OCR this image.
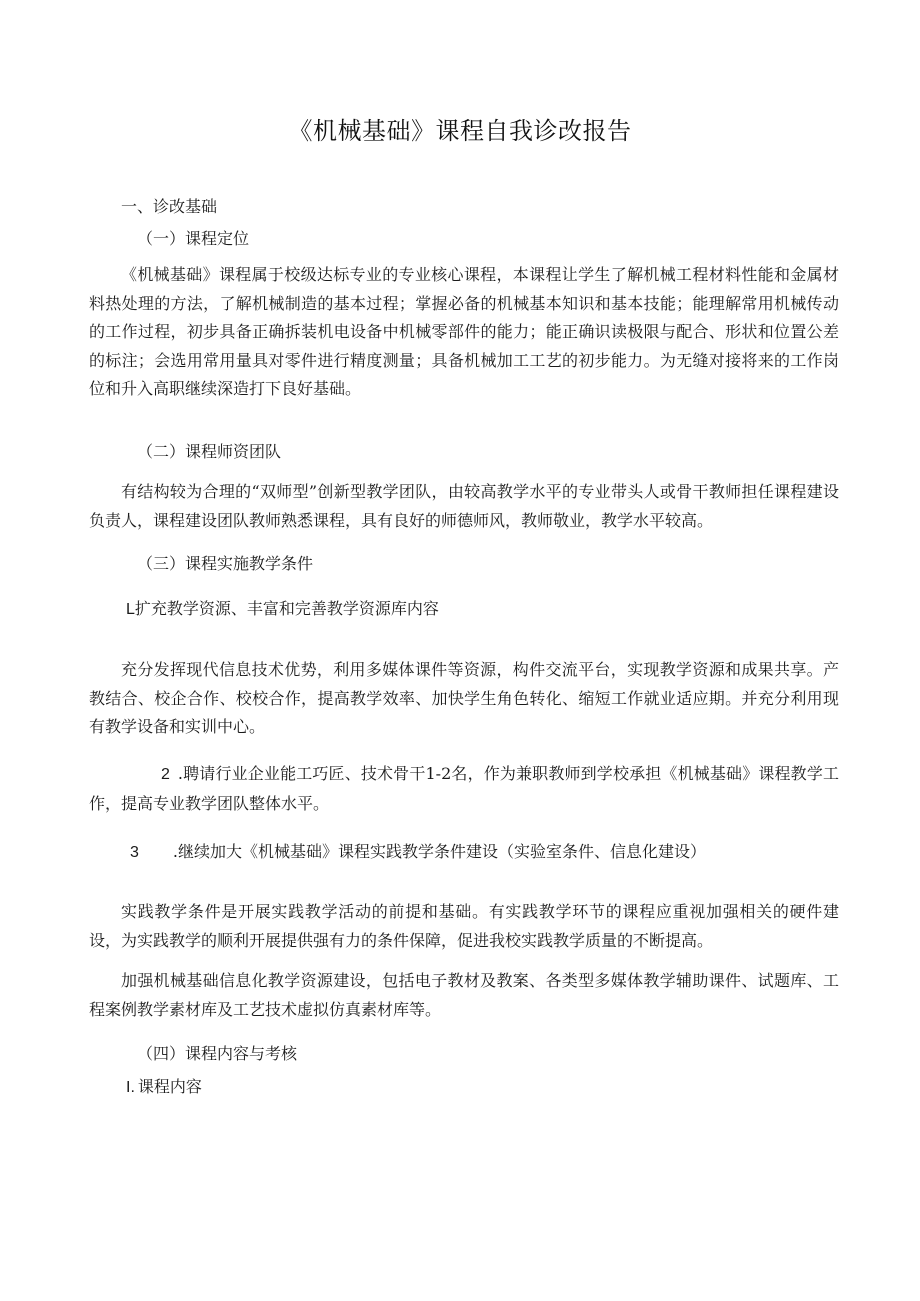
《机械基础》课程自我诊改报告
一、诊改基础
（一）课程定位
《机械基础》课程属于校级达标专业的专业核心课程，本课程让学生了解机械工程材料性能和金属材料热处理的方法，了解机械制造的基本过程；掌握必备的机械基本知识和基本技能；能理解常用机械传动的工作过程，初步具备正确拆装机电设备中机械零部件的能力；能正确识读极限与配合、形状和位置公差的标注；会选用常用量具对零件进行精度测量；具备机械加工工艺的初步能力。为无缝对接将来的工作岗位和升入高职继续深造打下良好基础。
（二）课程师资团队
有结构较为合理的“双师型”创新型教学团队，由较高教学水平的专业带头人或骨干教师担任课程建设负责人，课程建设团队教师熟悉课程，具有良好的师德师风，教师敬业，教学水平较高。
（三）课程实施教学条件
L扩充教学资源、丰富和完善教学资源库内容
充分发挥现代信息技术优势，利用多媒体课件等资源，构件交流平台，实现教学资源和成果共享。产教结合、校企合作、校校合作，提高教学效率、加快学生角色转化、缩短工作就业适应期。并充分利用现有教学设备和实训中心。
2 .聘请行业企业能工巧匠、技术骨干1-2名，作为兼职教师到学校承担《机械基础》课程教学工作，提高专业教学团队整体水平。
3 .继续加大《机械基础》课程实践教学条件建设（实验室条件、信息化建设）
实践教学条件是开展实践教学活动的前提和基础。有实践教学环节的课程应重视加强相关的硬件建设，为实践教学的顺利开展提供强有力的条件保障，促进我校实践教学质量的不断提高。
加强机械基础信息化教学资源建设，包括电子教材及教案、各类型多媒体教学辅助课件、试题库、工程案例教学素材库及工艺技术虚拟仿真素材库等。
（四）课程内容与考核
I. 课程内容
